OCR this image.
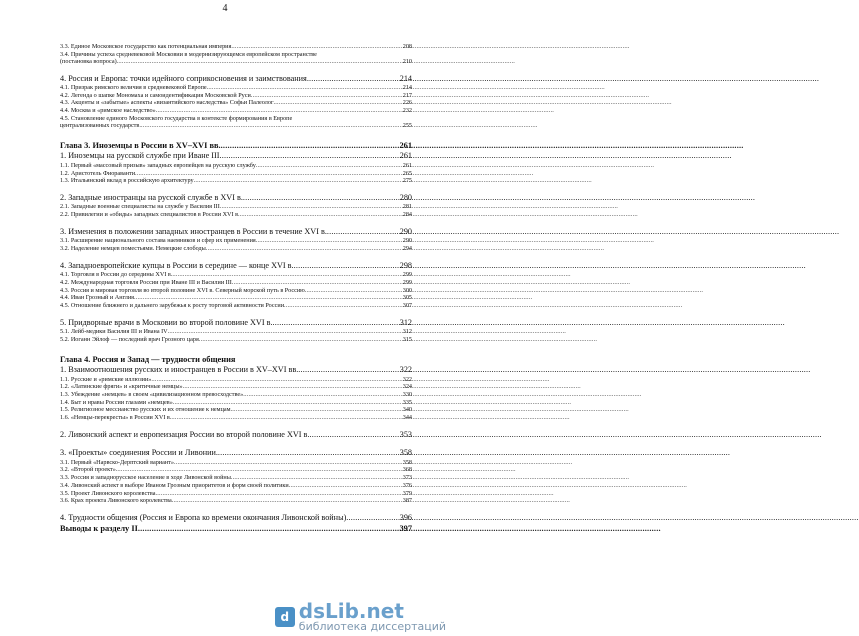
4
3.3. Единое Московское государство как потенциальная империя .....	208
3.4. Причины успеха средневековой Московии в модернизирующемся европейском пространстве
(постановка вопроса) .....	210
4. Россия и Европа: точки идейного соприкосновения и заимствования .....	214
4.1. Призрак римского величия в средневековой Европе .....	214
4.2. Легенда о шапке Мономаха и самоидентификация Московской Руси .....	217
4.3. Акценты и «забытые» аспекты «византийского наследства» Софьи Палеолог .....	226
4.4. Москва и «римское наследство» .....	232
4.5. Становление единого Московского государства в контексте формирования в Европе
централизованных государств .....	255
Глава 3. Иноземцы в России в XV–XVI вв. .....	261
1. Иноземцы на русской службе при Иване III .....	261
1.1. Первый «массовый призыв» западных европейцев на русскую службу .....	261
1.2. Аристотель Фиораванти .....	265
1.3. Итальянский вклад в российскую архитектуру .....	275
2. Западные иностранцы на русской службе в XVI в. .....	280
2.1. Западные военные специалисты на службе у Василия III .....	281
2.2. Привилегии и «обиды» западных специалистов в России XVI в. .....	284
3. Изменения в положении западных иностранцев в России в течение XVI в. .....	290
3.1. Расширение национального состава наемников и сфер их применения .....	290
3.2. Наделение немцев поместьями. Немецкие слободы .....	294
4. Западноевропейские купцы в России в середине — конце XVI в. .....	298
4.1. Торговля в России до середины XVI в. .....	299
4.2. Международная торговля России при Иване III и Василии III .....	299
4.3. Россия и мировая торговля во второй половине XVI в. Северный морской путь в Россию .....	300
4.4. Иван Грозный и Англия .....	305
4.5. Отношение ближнего и дальнего зарубежья к росту торговой активности России .....	307
5. Придворные врачи в Московии во второй половине XVI в. .....	312
5.1. Лейб-медики Василия III и Ивана IV .....	312
5.2. Иоганн Эйлоф — последний врач Грозного царя .....	315
Глава 4. Россия и Запад — трудности общения
1. Взаимоотношения русских и иностранцев в России в XV–XVI вв. .....	322
1.1. Русские и «римские иллюзии» .....	322
1.2. «Латинские фряги» и «критичные немцы» .....	324
1.3. Убеждение «немцев» в своем «цивилизационном превосходстве» .....	330
1.4. Быт и нравы России глазами «немцев» .....	335
1.5. Религиозное мессианство русских и их отношение к немцам .....	340
1.6. «Немцы-перекресты» в России XVI в. .....	344
2. Ливонский аспект и европеизация России во второй половине XVI в. .....	353
3. «Проекты» соединения России и Ливонии. .....	358
3.1. Первый «Нарвско-Дерптский вариант» .....	358
3.2. «Второй проект». .....	368
3.3. Россия и западнорусское население в ходе Ливонской войны .....	373
3.4. Ливонский аспект в выборе Иваном Грозным приоритетов и форм своей политики .....	376
3.5. Проект Ливонского королевства .....	379
3.6. Крах проекта Ливонского королевства .....	387
4. Трудности общения (Россия и Европа ко времени окончания Ливонской войны) .....	396
Выводы к разделу II .....	397
d dsLib.net
библиотека диссертаций
